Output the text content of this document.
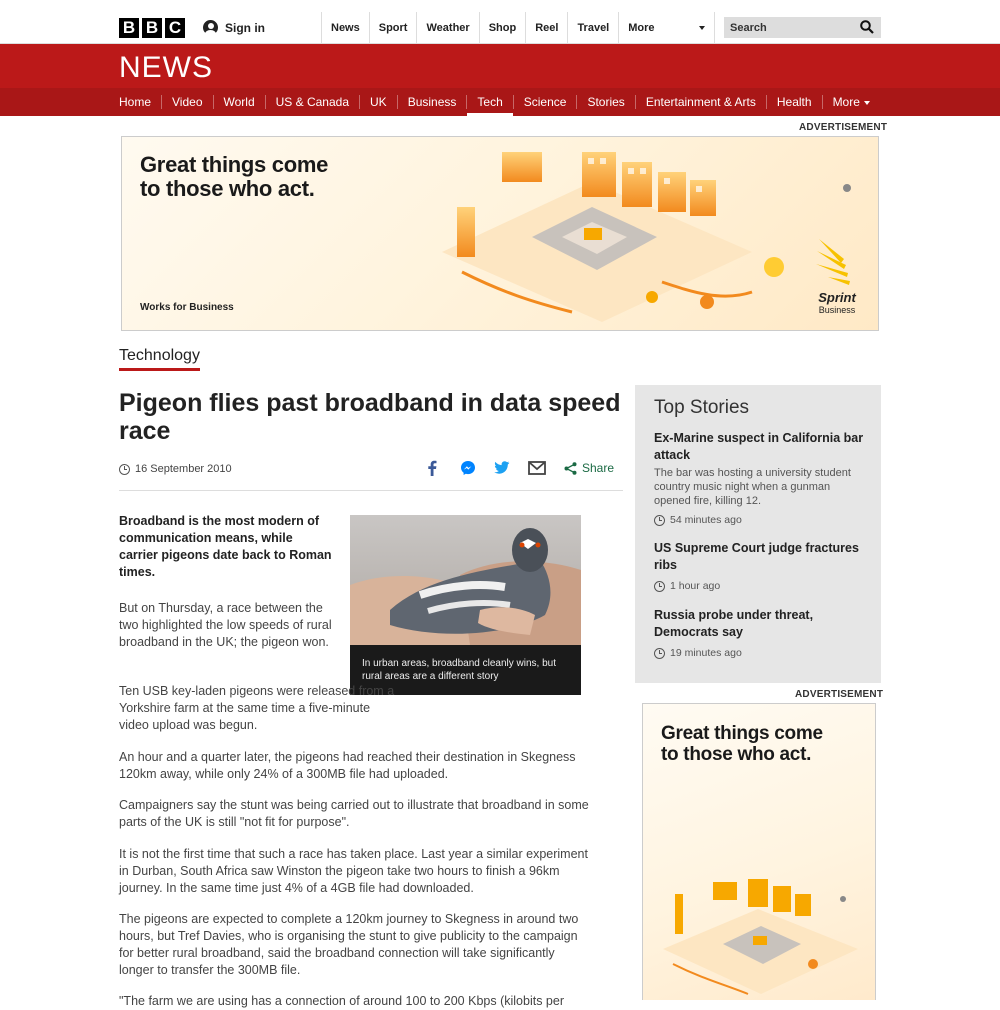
B B C	Sign in	News	Sport	Weather	Shop	Reel	Travel	More
Search
NEWS
Home	Video	World	US & Canada	UK	Business	Tech	Science	Stories	Entertainment & Arts	Health	More
ADVERTISEMENT
Great things come
to those who act.
Works for Business
Sprint
Business
Technology
Pigeon flies past broadband in data speed race
16 September 2010	Share

Broadband is the most modern of communication means, while carrier pigeons date back to Roman times.

In urban areas, broadband cleanly wins, but rural areas are a different story

But on Thursday, a race between the two highlighted the low speeds of rural broadband in the UK; the pigeon won.

Ten USB key-laden pigeons were released from a Yorkshire farm at the same time a five-minute video upload was begun.

An hour and a quarter later, the pigeons had reached their destination in Skegness 120km away, while only 24% of a 300MB file had uploaded.

Campaigners say the stunt was being carried out to illustrate that broadband in some parts of the UK is still "not fit for purpose".

It is not the first time that such a race has taken place. Last year a similar experiment in Durban, South Africa saw Winston the pigeon take two hours to finish a 96km journey. In the same time just 4% of a 4GB file had downloaded.

The pigeons are expected to complete a 120km journey to Skegness in around two hours, but Tref Davies, who is organising the stunt to give publicity to the campaign for better rural broadband, said the broadband connection will take significantly longer to transfer the 300MB file.

"The farm we are using has a connection of around 100 to 200 Kbps (kilobits per

Top Stories
Ex-Marine suspect in California bar attack
The bar was hosting a university student country music night when a gunman opened fire, killing 12.
54 minutes ago
US Supreme Court judge fractures ribs
1 hour ago
Russia probe under threat, Democrats say
19 minutes ago
ADVERTISEMENT
Great things come
to those who act.
